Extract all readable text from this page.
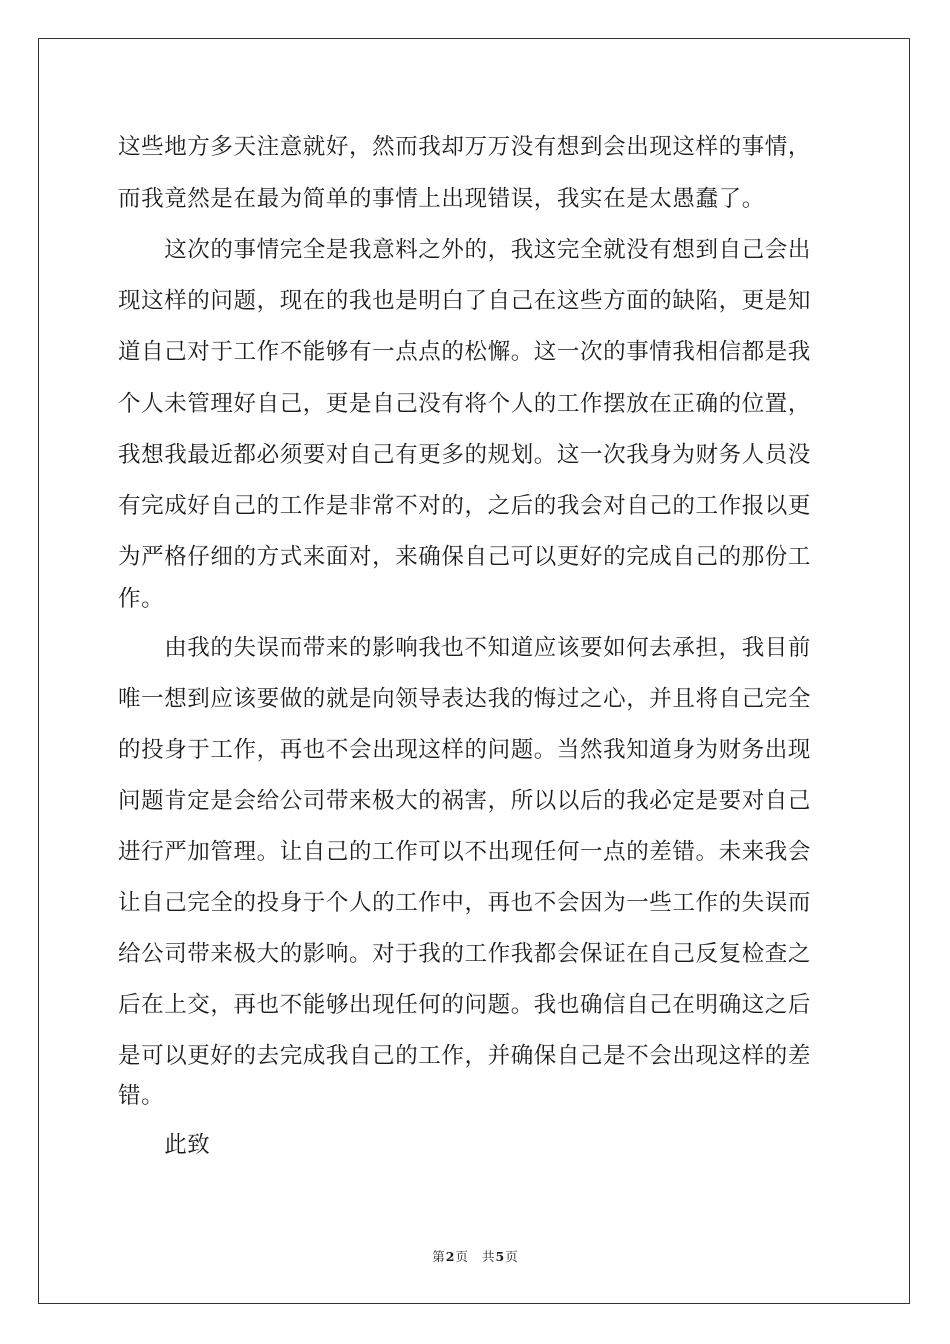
这些地方多天注意就好，然而我却万万没有想到会出现这样的事情，
而我竟然是在最为简单的事情上出现错误，我实在是太愚蠢了。
　　这次的事情完全是我意料之外的，我这完全就没有想到自己会出
现这样的问题，现在的我也是明白了自己在这些方面的缺陷，更是知
道自己对于工作不能够有一点点的松懈。这一次的事情我相信都是我
个人未管理好自己，更是自己没有将个人的工作摆放在正确的位置，
我想我最近都必须要对自己有更多的规划。这一次我身为财务人员没
有完成好自己的工作是非常不对的，之后的我会对自己的工作报以更
为严格仔细的方式来面对，来确保自己可以更好的完成自己的那份工
作。
　　由我的失误而带来的影响我也不知道应该要如何去承担，我目前
唯一想到应该要做的就是向领导表达我的悔过之心，并且将自己完全
的投身于工作，再也不会出现这样的问题。当然我知道身为财务出现
问题肯定是会给公司带来极大的祸害，所以以后的我必定是要对自己
进行严加管理。让自己的工作可以不出现任何一点的差错。未来我会
让自己完全的投身于个人的工作中，再也不会因为一些工作的失误而
给公司带来极大的影响。对于我的工作我都会保证在自己反复检查之
后在上交，再也不能够出现任何的问题。我也确信自己在明确这之后
是可以更好的去完成我自己的工作，并确保自己是不会出现这样的差
错。
　　此致
第2页 共5页
